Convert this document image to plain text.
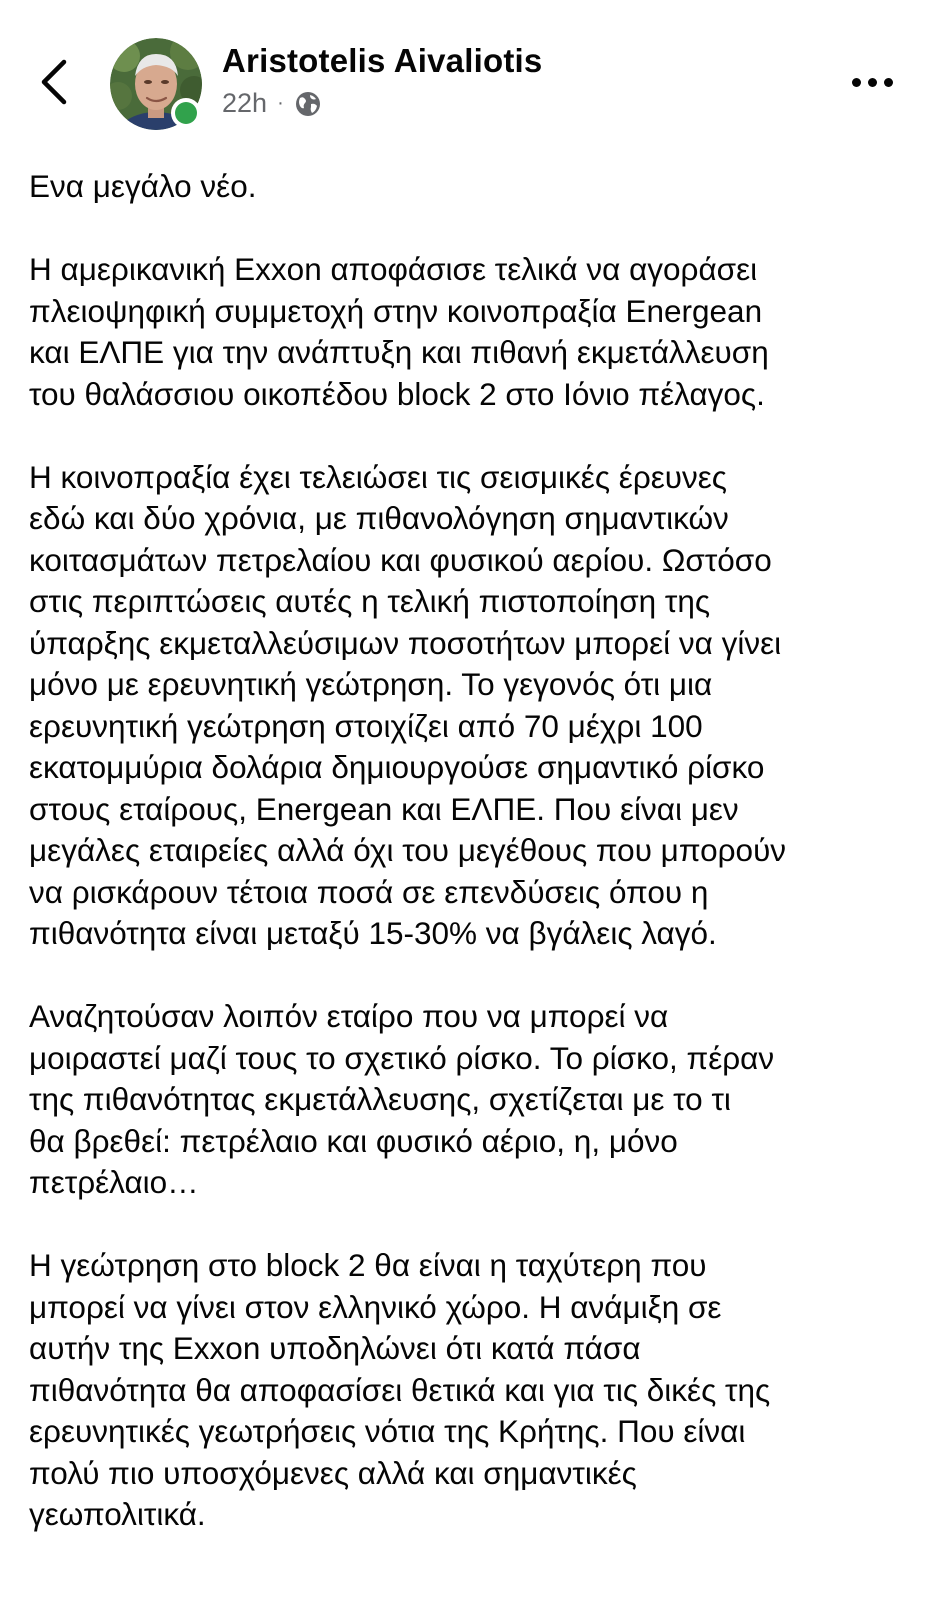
Aristotelis Aivaliotis
22h ·

Ενα μεγάλο νέο.

Η αμερικανική Exxon αποφάσισε τελικά να αγοράσει
πλειοψηφική συμμετοχή στην κοινοπραξία Energean
και ΕΛΠΕ για την ανάπτυξη και πιθανή εκμετάλλευση
του θαλάσσιου οικοπέδου block 2 στο Ιόνιο πέλαγος.

Η κοινοπραξία έχει τελειώσει τις σεισμικές έρευνες
εδώ και δύο χρόνια, με πιθανολόγηση σημαντικών
κοιτασμάτων πετρελαίου και φυσικού αερίου. Ωστόσο
στις περιπτώσεις αυτές η τελική πιστοποίηση της
ύπαρξης εκμεταλλεύσιμων ποσοτήτων μπορεί να γίνει
μόνο με ερευνητική γεώτρηση. Το γεγονός ότι μια
ερευνητική γεώτρηση στοιχίζει από 70 μέχρι 100
εκατομμύρια δολάρια δημιουργούσε σημαντικό ρίσκο
στους εταίρους, Energean και ΕΛΠΕ. Που είναι μεν
μεγάλες εταιρείες αλλά όχι του μεγέθους που μπορούν
να ρισκάρουν τέτοια ποσά σε επενδύσεις όπου η
πιθανότητα είναι μεταξύ 15-30% να βγάλεις λαγό.

Αναζητούσαν λοιπόν εταίρο που να μπορεί να
μοιραστεί μαζί τους το σχετικό ρίσκο. Το ρίσκο, πέραν
της πιθανότητας εκμετάλλευσης, σχετίζεται με το τι
θα βρεθεί: πετρέλαιο και φυσικό αέριο, η, μόνο
πετρέλαιο…

Η γεώτρηση στο block 2 θα είναι η ταχύτερη που
μπορεί να γίνει στον ελληνικό χώρο. Η ανάμιξη σε
αυτήν της Exxon υποδηλώνει ότι κατά πάσα
πιθανότητα θα αποφασίσει θετικά και για τις δικές της
ερευνητικές γεωτρήσεις νότια της Κρήτης. Που είναι
πολύ πιο υποσχόμενες αλλά και σημαντικές
γεωπολιτικά.
